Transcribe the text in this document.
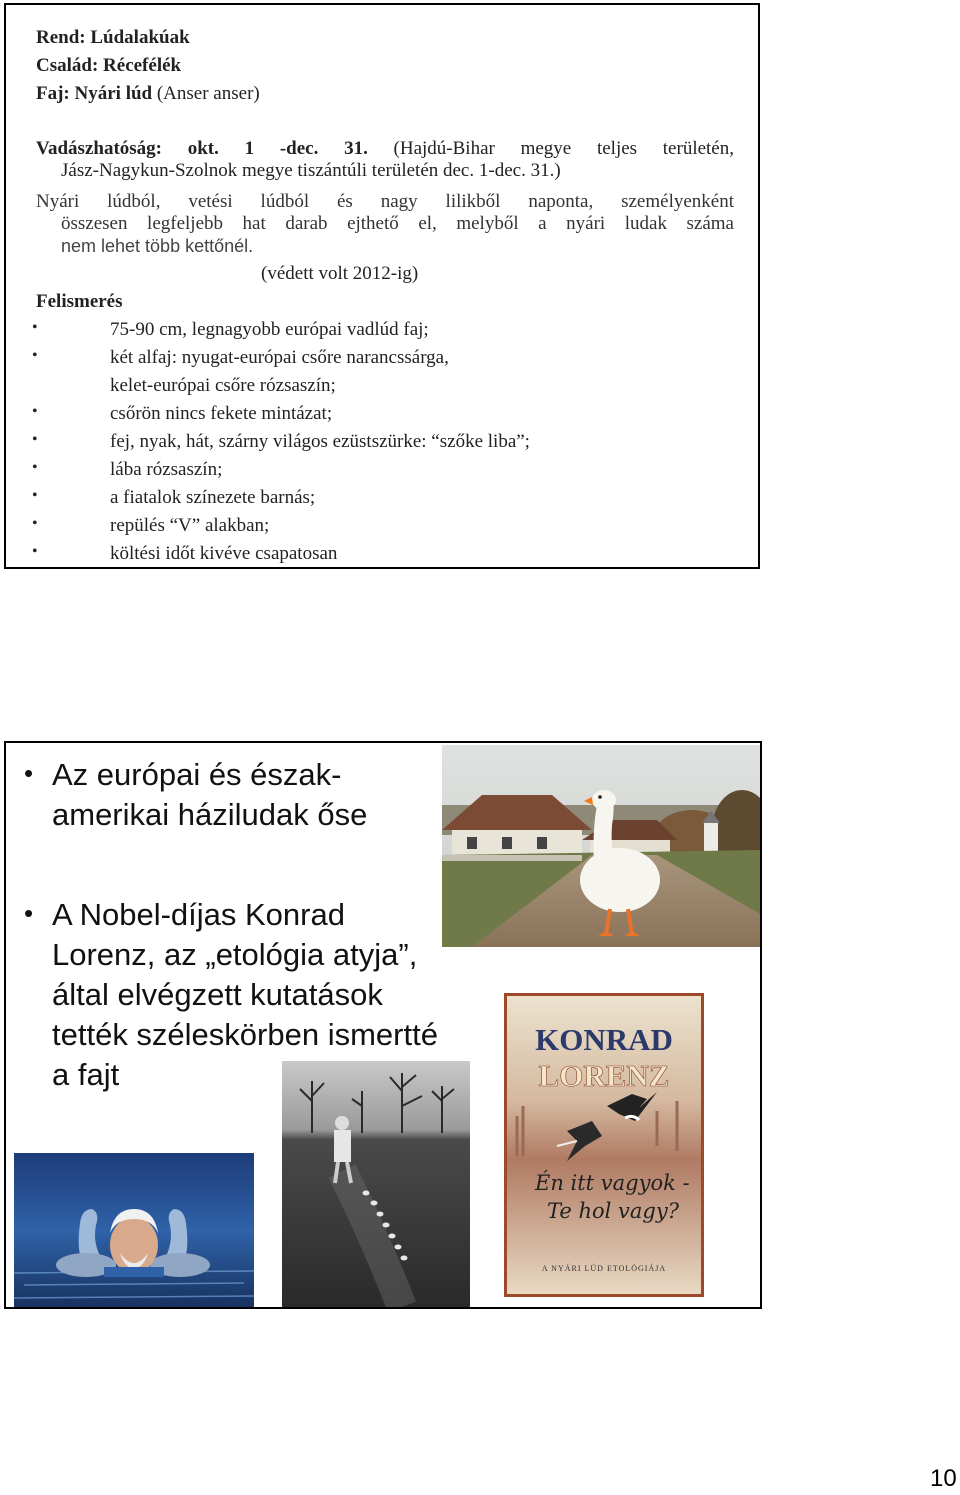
Rend: Lúdalakúak
Család: Récefélék
Faj: Nyári lúd (Anser anser)
Vadászhatóság: okt. 1 -dec. 31. (Hajdú-Bihar megye teljes területén,
Jász-Nagykun-Szolnok megye tiszántúli területén dec. 1-dec. 31.)
Nyári lúdból, vetési lúdból és nagy lilikből naponta, személyenként
összesen legfeljebb hat darab ejthető el, melyből a nyári ludak száma
nem lehet több kettőnél.
(védett volt 2012-ig)
Felismerés
•	75-90 cm, legnagyobb európai vadlúd faj;
•	két alfaj: nyugat-európai csőre narancssárga,
kelet-európai csőre rózsaszín;
•	csőrön nincs fekete mintázat;
•	fej, nyak, hát, szárny világos ezüstszürke: “szőke liba”;
•	lába rózsaszín;
•	a fiatalok színezete barnás;
•	repülés “V” alakban;
•	költési időt kivéve csapatosan
• Az európai és észak-
amerikai háziludak őse
KONRAD
LORENZ
Én itt vagyok -
Te hol vagy?
A NYÁRI LÚD ETOLÓGIÁJA
• A Nobel-díjas Konrad
Lorenz, az „etológia atyja”,
által elvégzett kutatások
tették széleskörben ismertté
a fajt
10
